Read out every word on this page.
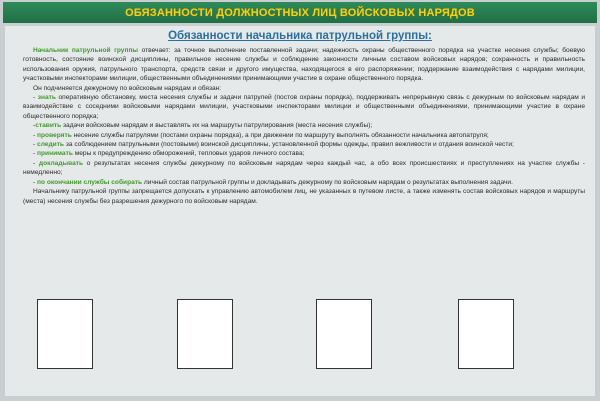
ОБЯЗАННОСТИ ДОЛЖНОСТНЫХ ЛИЦ ВОЙСКОВЫХ НАРЯДОВ
Обязанности начальника патрульной группы:

Начальник патрульной группы отвечает: за точное выполнение поставленной задачи; надежность охраны общественного порядка на участке несения службы; боевую готовность, состояние воинской дисциплины, правильное несение службы и соблюдение законности личным составом войсковых нарядов; сохранность и правильность использования оружия, патрульного транспорта, средств связи и другого имущества, находящегося в его распоряжении; поддержание взаимодействия с нарядами милиции, участковыми инспекторами милиции, общественными объединениями принимающими участие в охране общественного порядка.

Он подчиняется дежурному по войсковым нарядам и обязан:

- знать оперативную обстановку, места несения службы и задачи патрулей (постов охраны порядка), поддерживать непрерывную связь с дежурным по войсковым нарядам и взаимодействие с соседними войсковыми нарядами милиции, участковыми инспекторами милиции и общественными объединениями, принимающими участие в охране общественного порядка;

-ставить задачи войсковым нарядам и выставлять их на маршруты патрулирования (места несения службы);

- проверять несение службы патрулями (постами охраны порядка), а при движении по маршруту выполнять обязанности начальника автопатруля;

- следить за соблюдением патрульными (постовыми) воинской дисциплины, установленной формы одежды, правил вежливости и отдания воинской чести;

- принимать меры к предупреждению обморожений, тепловых ударов личного состава;

- докладывать о результатах несения службы дежурному по войсковым нарядам через каждый час, а обо всех происшествиях и преступлениях на участке службы - немедленно;

- по окончании службы собирать личный состав патрульной группы и докладывать дежурному по войсковым нарядам о результатах выполнения задачи.

Начальнику патрульной группы запрещается допускать к управлению автомобилем лиц, не указанных в путевом листе, а также изменять состав войсковых нарядов и маршруты (места) несения службы без разрешения дежурного по войсковым нарядам.
